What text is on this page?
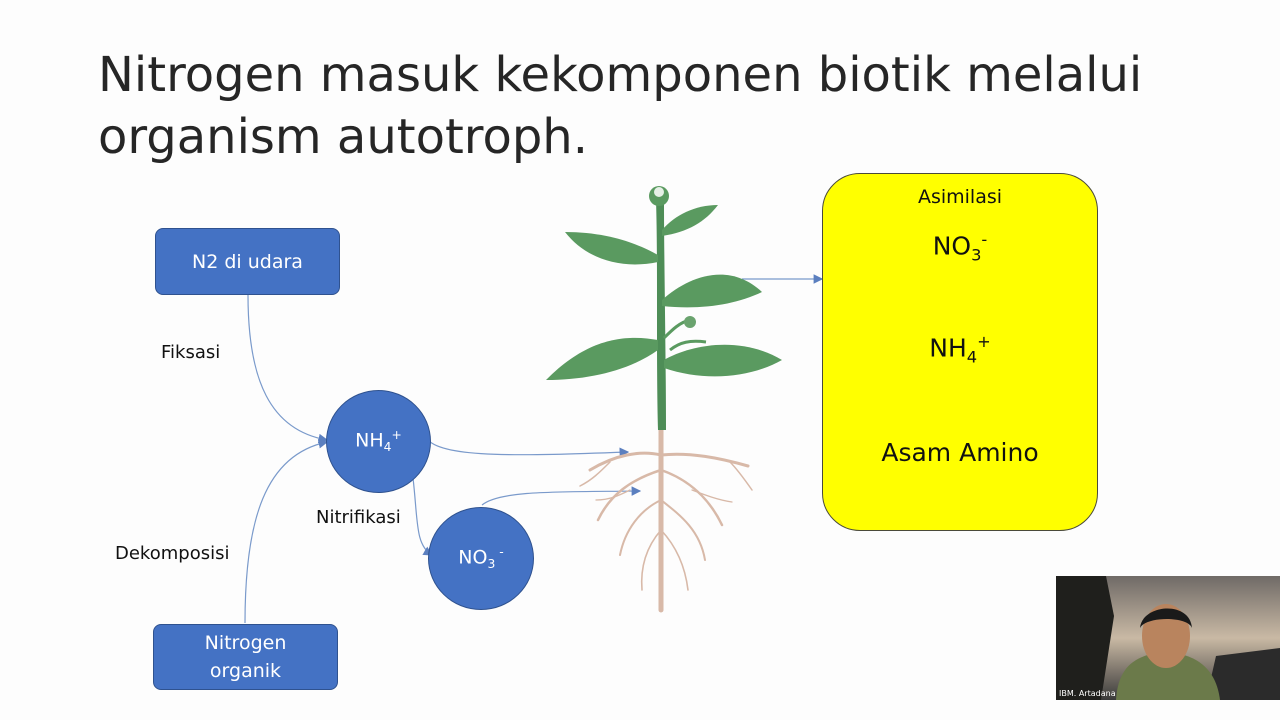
Nitrogen masuk kekomponen biotik melalui
organism autotroph.
N2 di udara
Nitrogen
organik
$NH_4^+$
$NO_3$ -
Fiksasi
Dekomposisi
Nitrifikasi
Asimilasi
$NO_3^-$
$NH_4^+$
Asam Amino
IBM. Artadana
